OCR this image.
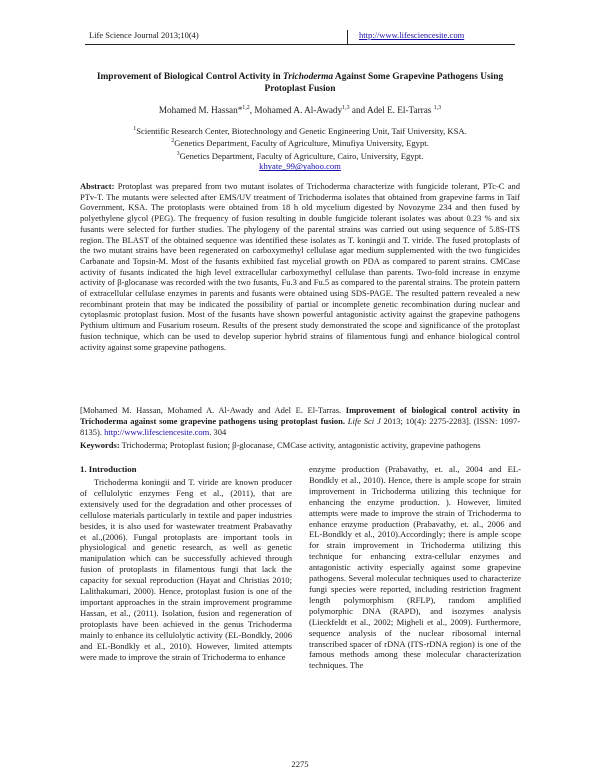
Life Science Journal 2013;10(4)	http://www.lifesciencesite.com
Improvement of Biological Control Activity in Trichoderma Against Some Grapevine Pathogens Using Protoplast Fusion
Mohamed M. Hassan*$^{1,2}$, Mohamed A. Al-Awady$^{1,3}$ and Adel E. El-Tarras $^{1,3}$
$^1$Scientific Research Center, Biotechnology and Genetic Engineering Unit, Taif University, KSA.
$^2$Genetics Department, Faculty of Agriculture, Minufiya University, Egypt.
$^3$Genetics Department, Faculty of Agriculture, Cairo, University, Egypt.
khyate_99@yahoo.com

Abstract: Protoplast was prepared from two mutant isolates of Trichoderma characterize with fungicide tolerant, PTc-C and PTv-T. The mutants were selected after EMS/UV treatment of Trichoderma isolates that obtained from grapevine farms in Taif Government, KSA. The protoplasts were obtained from 18 h old mycelium digested by Novozyme 234 and then fused by polyethylene glycol (PEG). The frequency of fusion resulting in double fungicide tolerant isolates was about 0.23 % and six fusants were selected for further studies. The phylogeny of the parental strains was carried out using sequence of 5.8S-ITS region. The BLAST of the obtained sequence was identified these isolates as T. koningii and T. viride. The fused protoplasts of the two mutant strains have been regenerated on carboxymethyl cellulase agar medium supplemented with the two fungicides Carbanate and Topsin-M. Most of the fusants exhibited fast mycelial growth on PDA as compared to parent strains. CMCase activity of fusants indicated the high level extracellular carboxymethyl cellulase than parents. Two-fold increase in enzyme activity of β-glocanase was recorded with the two fusants, Fu.3 and Fu.5 as compared to the parental strains. The protein pattern of extracellular cellulase enzymes in parents and fusants were obtained using SDS-PAGE. The resulted pattern revealed a new recombinant protein that may be indicated the possibility of partial or incomplete genetic recombination during nuclear and cytoplasmic protoplast fusion. Most of the fusants have shown powerful antagonistic activity against the grapevine pathogens Pythium ultimum and Fusarium roseum. Results of the present study demonstrated the scope and significance of the protoplast fusion technique, which can be used to develop superior hybrid strains of filamentous fungi and enhance biological control activity against some grapevine pathogens.

[Mohamed M. Hassan, Mohamed A. Al-Awady and Adel E. El-Tarras. Improvement of biological control activity in Trichoderma against some grapevine pathogens using protoplast fusion. Life Sci J 2013; 10(4): 2275-2283]. (ISSN: 1097-8135). http://www.lifesciencesite.com. 304
Keywords: Trichoderma; Protoplast fusion; β-glocanase, CMCase activity, antagonistic activity, grapevine pathogens
1. Introduction

Trichoderma koningii and T. viride are known producer of cellulolytic enzymes Feng et al., (2011), that are extensively used for the degradation and other processes of cellulose materials particularly in textile and paper industries besides, it is also used for wastewater treatment Prabavathy et al.,(2006). Fungal protoplasts are important tools in physiological and genetic research, as well as genetic manipulation which can be successfully achieved through fusion of protoplasts in filamentous fungi that lack the capacity for sexual reproduction (Hayat and Christias 2010; Lalithakumari, 2000). Hence, protoplast fusion is one of the important approaches in the strain improvement programme Hassan, et al., (2011). Isolation, fusion and regeneration of protoplasts have been achieved in the genus Trichoderma mainly to enhance its cellulolytic activity (EL-Bondkly, 2006 and EL-Bondkly et al., 2010). However, limited attempts were made to improve the strain of Trichoderma to enhance

enzyme production (Prabavathy, et. al., 2004 and EL-Bondkly et al., 2010). Hence, there is ample scope for strain improvement in Trichoderma utilizing this technique for enhancing the enzyme production. ). However, limited attempts were made to improve the strain of Trichoderma to enhance enzyme production (Prabavathy, et. al., 2006 and EL-Bondkly et al., 2010).Accordingly; there is ample scope for strain improvement in Trichoderma utilizing this technique for enhancing extra-cellular enzymes and antagonistic activity especially against some grapevine pathogens. Several molecular techniques used to characterize fungi species were reported, including restriction fragment length polymorphism (RFLP), random amplified polymorphic DNA (RAPD), and isozymes analysis (Lieckfeldt et al., 2002; Migheli et al., 2009). Furthermore, sequence analysis of the nuclear ribosomal internal transcribed spacer of rDNA (ITS-rDNA region) is one of the famous methods among these molecular characterization techniques. The

2275
